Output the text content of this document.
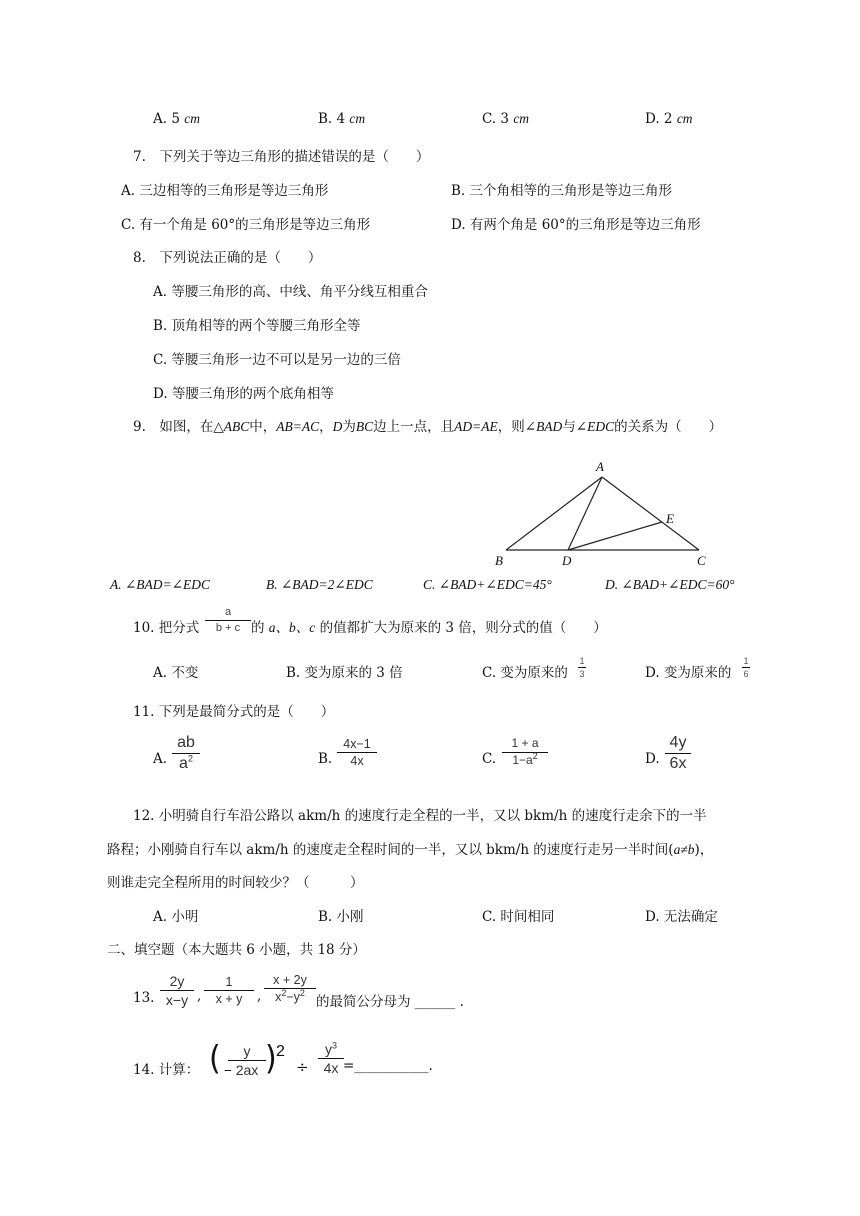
A. 5 cm	B. 4 cm	C. 3 cm	D. 2 cm
7.　下列关于等边三角形的描述错误的是（　　）
A. 三边相等的三角形是等边三角形	B. 三个角相等的三角形是等边三角形
C. 有一个角是 60°的三角形是等边三角形	D. 有两个角是 60°的三角形是等边三角形
8.　下列说法正确的是（　　）
A. 等腰三角形的高、中线、角平分线互相重合
B. 顶角相等的两个等腰三角形全等
C. 等腰三角形一边不可以是另一边的三倍
D. 等腰三角形的两个底角相等
9.　如图，在△ABC中，AB=AC，D为BC边上一点，且AD=AE，则∠BAD与∠EDC的关系为（　　）
A
B	C
D
E
A. ∠BAD=∠EDC	B. ∠BAD=2∠EDC	C. ∠BAD+∠EDC=45°	D. ∠BAD+∠EDC=60°
10. 把分式
a
b + c 的 a、b、c 的值都扩大为原来的 3 倍，则分式的值（　　）
A. 不变	B. 变为原来的 3 倍	C. 变为原来的
1
3	D. 变为原来的
1
6
11. 下列是最简分式的是（　　）
A.
ab
$a^2$	B.
4x−1
4x	C.
1 + a
$1-a^2$	D.
4y
6x
12. 小明骑自行车沿公路以 akm/h 的速度行走全程的一半，又以 bkm/h 的速度行走余下的一半
路程；小刚骑自行车以 akm/h 的速度走全程时间的一半，又以 bkm/h 的速度行走另一半时间(a≠b)，
则谁走完全程所用的时间较少？（　　　）
A. 小明	B. 小刚	C. 时间相同	D. 无法确定
二、填空题（本大题共 6 小题，共 18 分）
13.
2y
x−y ,
1
x + y	,
x + 2y
$x^2-y^2$
的最简公分母为 ______ .
14. 计算： ( −
y
2ax ) 2
÷
$y^3$
4x =___________.
